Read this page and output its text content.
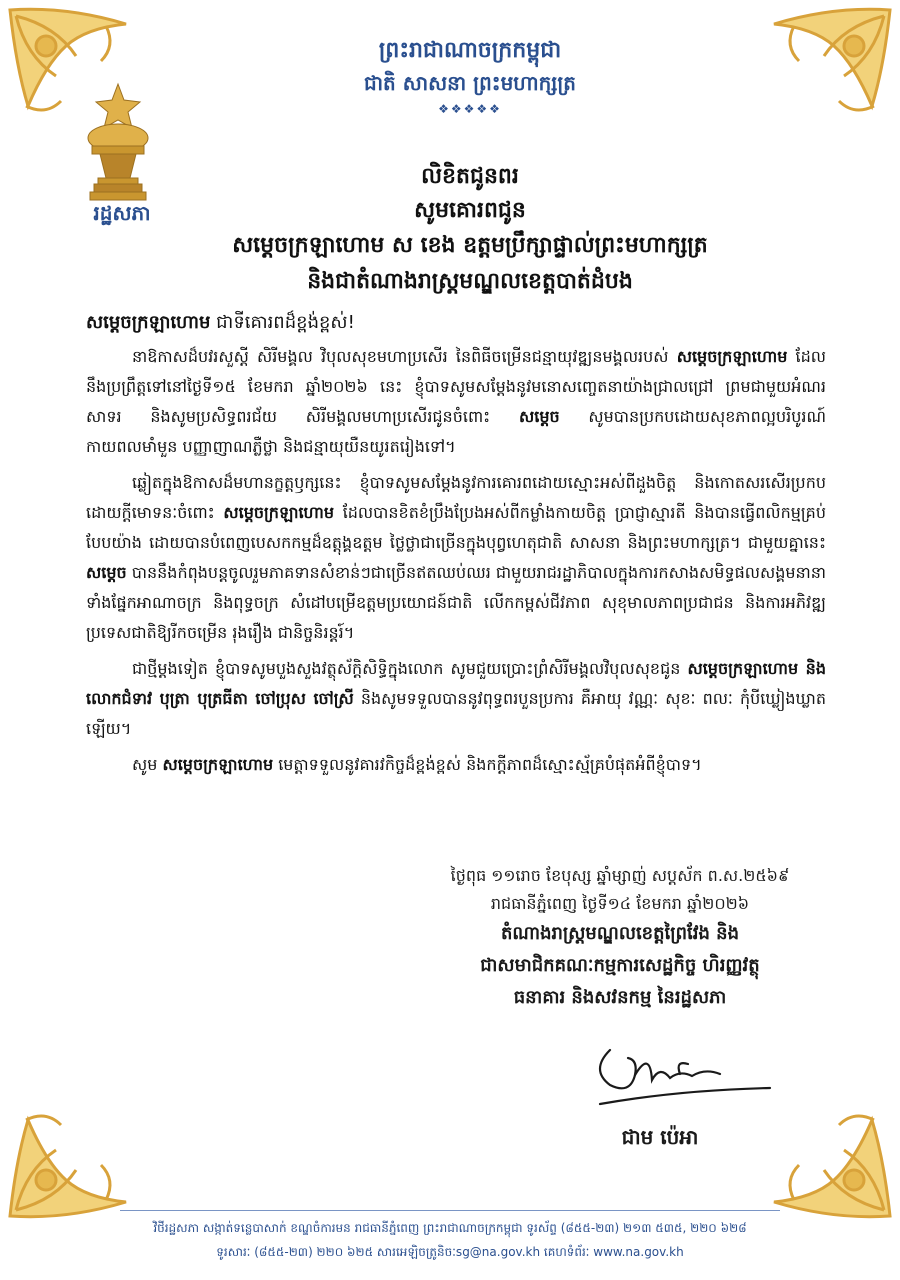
រដ្ឋសភា
ព្រះរាជាណាចក្រកម្ពុជា
ជាតិ សាសនា ព្រះមហាក្សត្រ
❖❖❖❖❖
លិខិតជូនពរ
សូមគោរពជូន
សម្តេចក្រឡាហោម ស ខេង ឧត្តមប្រឹក្សាផ្ទាល់ព្រះមហាក្សត្រ
និងជាតំណាងរាស្ត្រមណ្ឌលខេត្តបាត់ដំបង
សម្តេចក្រឡាហោម ជាទីគោរពដ៏ខ្ពង់ខ្ពស់!

នាឱកាសដ៏បវរសួស្តី សិរីមង្គល វិបុលសុខមហាប្រសើរ នៃពិធីចម្រើនជន្មាយុវឌ្ឍនមង្គលរបស់ សម្តេចក្រឡាហោម ដែលនឹងប្រព្រឹត្តទៅនៅថ្ងៃទី១៥ ខែមករា ឆ្នាំ២០២៦ នេះ ខ្ញុំបាទសូមសម្តែងនូវមនោសញ្ចេតនាយ៉ាងជ្រាលជ្រៅ ព្រមជាមួយអំណរសាទរ និងសូមប្រសិទ្ធពរជ័យ សិរីមង្គលមហាប្រសើរជូនចំពោះ សម្តេច សូមបានប្រកបដោយសុខភាពល្អបរិបូរណ៍ កាយពលមាំមួន បញ្ញាញាណភ្លឺថ្លា និងជន្មាយុយឺនយូរតរៀងទៅ។

ឆ្លៀតក្នុងឱកាសដ៏មហានក្ខត្តឫក្សនេះ ខ្ញុំបាទសូមសម្តែងនូវការគោរពដោយស្មោះអស់ពីដួងចិត្ត និងកោតសរសើរប្រកបដោយក្តីមោទនៈចំពោះ សម្តេចក្រឡាហោម ដែលបានខិតខំប្រឹងប្រែងអស់ពីកម្លាំងកាយចិត្ត ប្រាជ្ញាស្មារតី និងបានធ្វើពលិកម្មគ្រប់បែបយ៉ាង ដោយបានបំពេញបេសកកម្មដ៏ឧត្តុង្គឧត្តម ថ្លៃថ្លាជាច្រើនក្នុងបុព្វហេតុជាតិ សាសនា និងព្រះមហាក្សត្រ។ ជាមួយគ្នានេះ សម្តេច បាននឹងកំពុងបន្តចូលរួមភាគទានសំខាន់ៗជាច្រើនឥតឈប់ឈរ ជាមួយរាជរដ្ឋាភិបាលក្នុងការកសាងសមិទ្ធផលសង្គមនានាទាំងផ្នែកអាណាចក្រ និងពុទ្ធចក្រ សំដៅបម្រើឧត្តមប្រយោជន៍ជាតិ លើកកម្ពស់ជីវភាព សុខុមាលភាពប្រជាជន និងការអភិវឌ្ឍប្រទេសជាតិឱ្យរីកចម្រើន រុងរឿង ជានិច្ចនិរន្តរ៍។

ជាថ្មីម្តងទៀត ខ្ញុំបាទសូមបួងសួងវត្ថុស័ក្តិសិទ្ធិក្នុងលោក សូមជួយប្រោះព្រំសិរីមង្គលវិបុលសុខជូន សម្តេចក្រឡាហោម និងលោកជំទាវ បុត្រា បុត្រធីតា ចៅប្រុស ចៅស្រី និងសូមទទួលបាននូវពុទ្ធពរបួនប្រការ គឺអាយុ វណ្ណៈ សុខៈ ពលៈ កុំបីឃ្លៀងឃ្លាតឡើយ។

សូម សម្តេចក្រឡាហោម មេត្តាទទួលនូវគារវកិច្ចដ៏ខ្ពង់ខ្ពស់ និងកក្តីភាពដ៏ស្មោះស្ម័គ្របំផុតអំពីខ្ញុំបាទ។

ថ្ងៃពុធ ១១រោច ខែបុស្ស ឆ្នាំម្សាញ់ សប្តស័ក ព.ស.២៥៦៩
រាជធានីភ្នំពេញ ថ្ងៃទី១៤ ខែមករា ឆ្នាំ២០២៦
តំណាងរាស្ត្រមណ្ឌលខេត្តព្រៃវែង និង
ជាសមាជិកគណៈកម្មការសេដ្ឋកិច្ច ហិរញ្ញវត្ថុ
ធនាគារ និងសវនកម្ម នៃរដ្ឋសភា
ជាម ប៉េអា
វិថីរដ្ឋសភា សង្កាត់ទន្លេបាសាក់ ខណ្ឌចំការមន រាជធានីភ្នំពេញ ព្រះរាជាណាចក្រកម្ពុជា ទូរស័ព្ទ (៨៥៥-២៣) ២១៣ ៥៣៥, ២២០ ៦២៨
ទូរសារៈ (៨៥៥-២៣) ២២០ ៦២៥ សារអេឡិចត្រូនិចៈsg@na.gov.kh គេហទំព័រៈ www.na.gov.kh
